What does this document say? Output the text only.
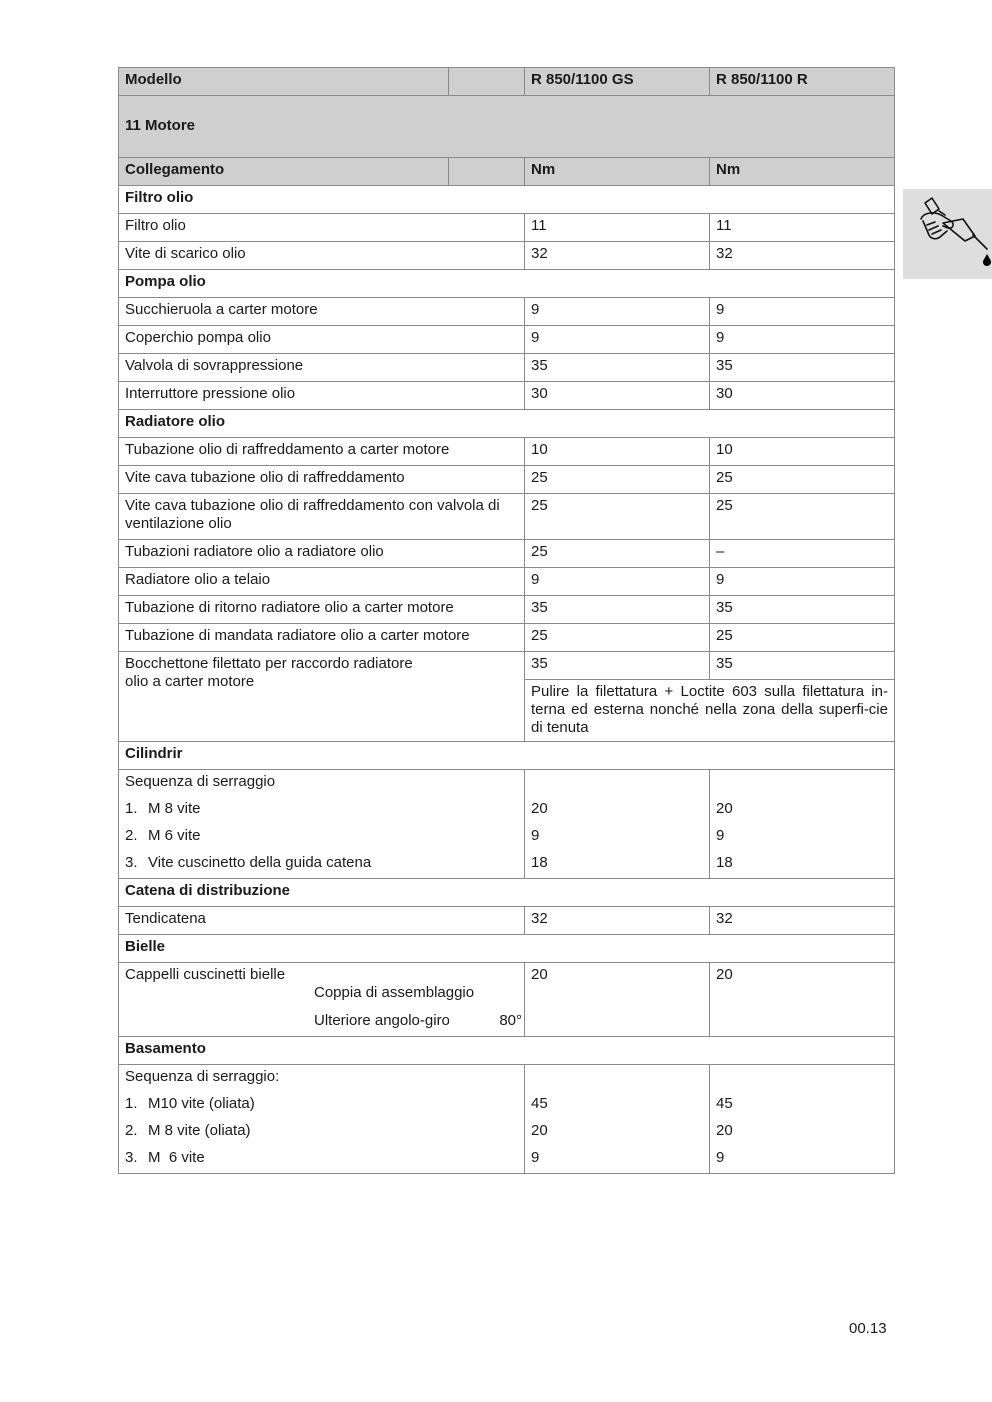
Modello		R 850/1100 GS	R 850/1100 R
11 Motore			
Collegamento		Nm	Nm
Filtro olio			
Filtro olio		11	11
Vite di scarico olio		32	32
Pompa olio			
Succhieruola a carter motore		9	9
Coperchio pompa olio		9	9
Valvola di sovrappressione		35	35
Interruttore pressione olio		30	30
Radiatore olio			
Tubazione olio di raffreddamento a carter motore		10	10
Vite cava tubazione olio di raffreddamento		25	25
Vite cava tubazione olio di raffreddamento con valvola di ventilazione olio		25	25
Tubazioni radiatore olio a radiatore olio		25	–
Radiatore olio a telaio		9	9
Tubazione di ritorno radiatore olio a carter motore		35	35
Tubazione di mandata radiatore olio a carter motore		25	25
Bocchettone filettato per raccordo radiatore
olio a carter motore		35	35
		Pulire la filettatura + Loctite 603 sulla filettatura in-terna ed esterna nonché nella zona della superfi-cie di tenuta	
Cilindrir			
Sequenza di serraggio			
1. M 8 vite		20	20
2. M 6 vite		9	9
3. Vite cuscinetto della guida catena		18	18
Catena di distribuzione			
Tendicatena		32	32
Bielle			
Cappelli cuscinetti bielle
Coppia di assemblaggio
Ulteriore angolo-giro 80°		20	20
Basamento			
Sequenza di serraggio:			
1. M10 vite (oliata)		45	45
2. M 8 vite (oliata)		20	20
3. M  6 vite		9	9
00.13
